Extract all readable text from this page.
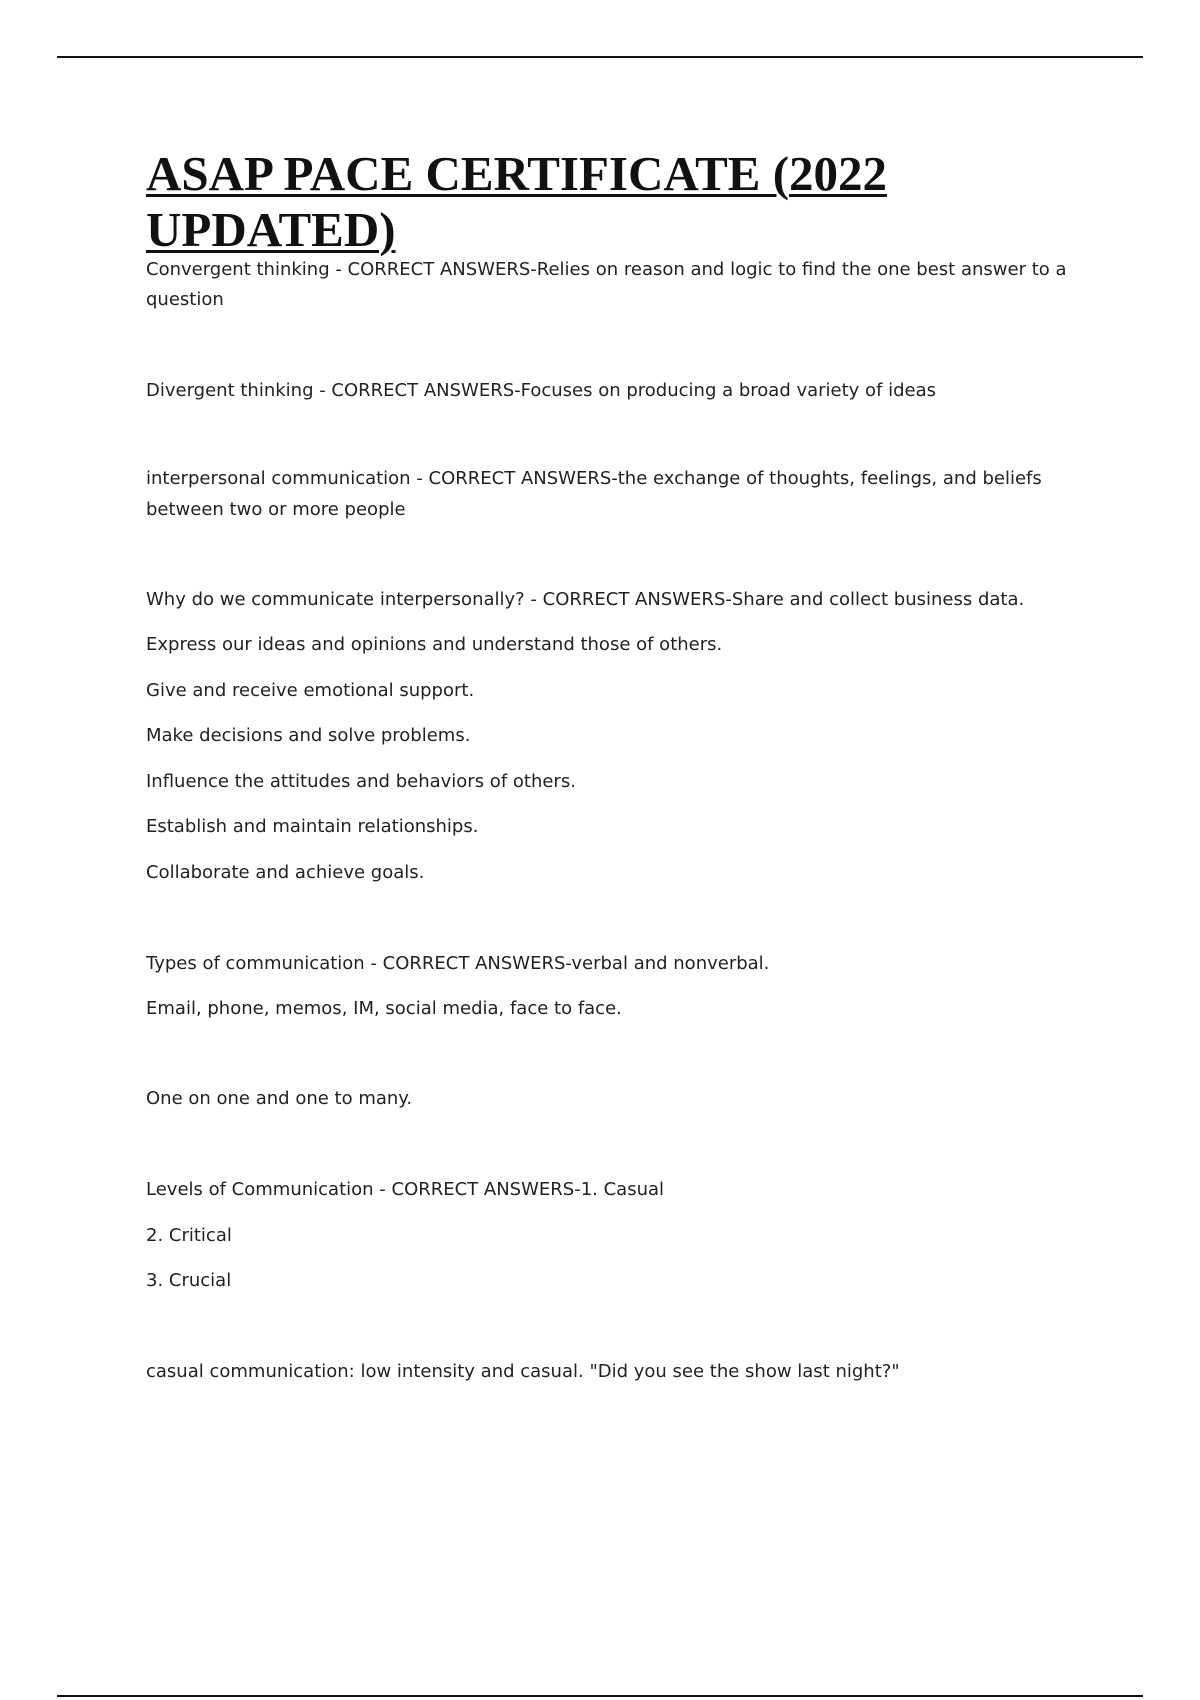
ASAP PACE CERTIFICATE (2022
UPDATED)
Convergent thinking - CORRECT ANSWERS-Relies on reason and logic to find the one best answer to a
question
Divergent thinking - CORRECT ANSWERS-Focuses on producing a broad variety of ideas
interpersonal communication - CORRECT ANSWERS-the exchange of thoughts, feelings, and beliefs
between two or more people
Why do we communicate interpersonally? - CORRECT ANSWERS-Share and collect business data.
Express our ideas and opinions and understand those of others.
Give and receive emotional support.
Make decisions and solve problems.
Influence the attitudes and behaviors of others.
Establish and maintain relationships.
Collaborate and achieve goals.
Types of communication - CORRECT ANSWERS-verbal and nonverbal.
Email, phone, memos, IM, social media, face to face.
One on one and one to many.
Levels of Communication - CORRECT ANSWERS-1. Casual
2. Critical
3. Crucial
casual communication: low intensity and casual. "Did you see the show last night?"
